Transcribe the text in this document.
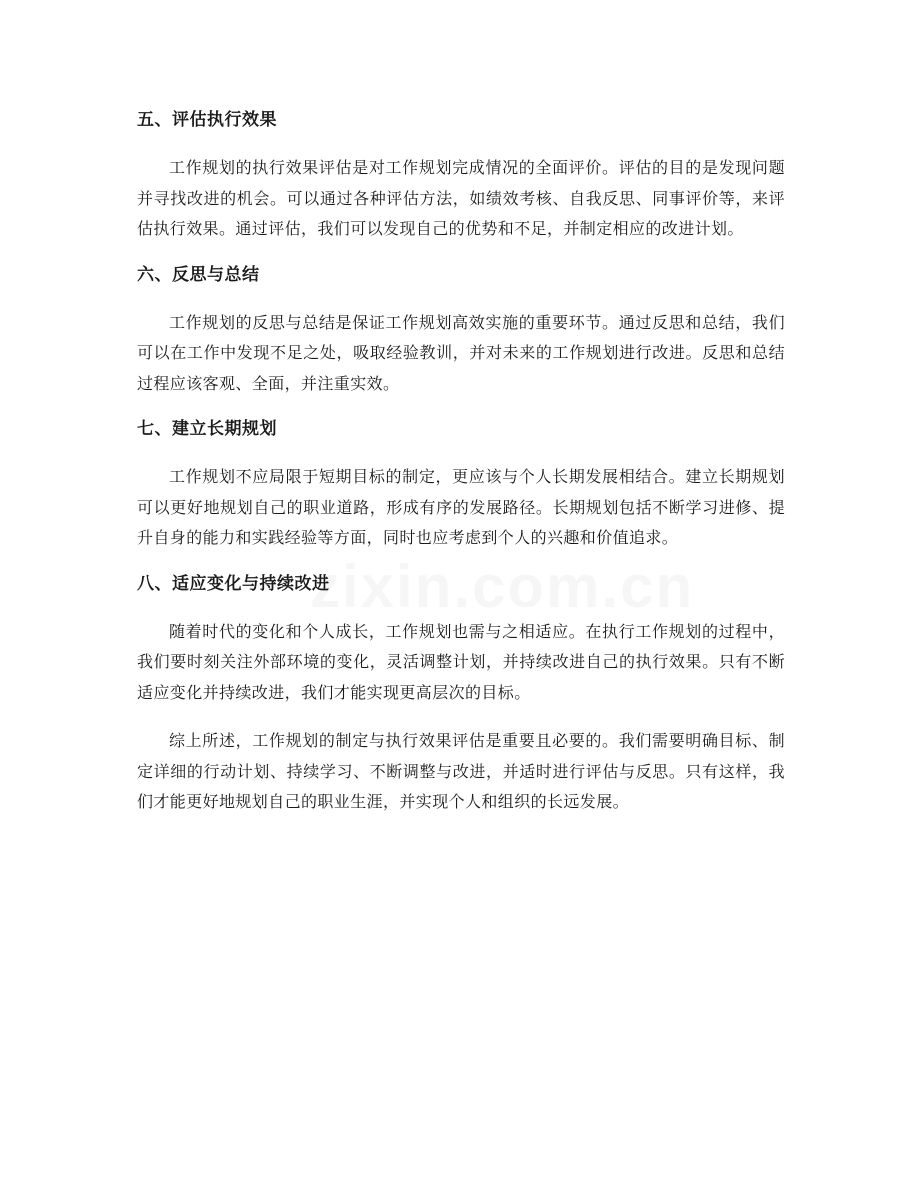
五、评估执行效果

工作规划的执行效果评估是对工作规划完成情况的全面评价。评估的目的是发现问题并寻找改进的机会。可以通过各种评估方法，如绩效考核、自我反思、同事评价等，来评估执行效果。通过评估，我们可以发现自己的优势和不足，并制定相应的改进计划。

六、反思与总结

工作规划的反思与总结是保证工作规划高效实施的重要环节。通过反思和总结，我们可以在工作中发现不足之处，吸取经验教训，并对未来的工作规划进行改进。反思和总结过程应该客观、全面，并注重实效。

七、建立长期规划

工作规划不应局限于短期目标的制定，更应该与个人长期发展相结合。建立长期规划可以更好地规划自己的职业道路，形成有序的发展路径。长期规划包括不断学习进修、提升自身的能力和实践经验等方面，同时也应考虑到个人的兴趣和价值追求。

八、适应变化与持续改进

随着时代的变化和个人成长，工作规划也需与之相适应。在执行工作规划的过程中，我们要时刻关注外部环境的变化，灵活调整计划，并持续改进自己的执行效果。只有不断适应变化并持续改进，我们才能实现更高层次的目标。

综上所述，工作规划的制定与执行效果评估是重要且必要的。我们需要明确目标、制定详细的行动计划、持续学习、不断调整与改进，并适时进行评估与反思。只有这样，我们才能更好地规划自己的职业生涯，并实现个人和组织的长远发展。
